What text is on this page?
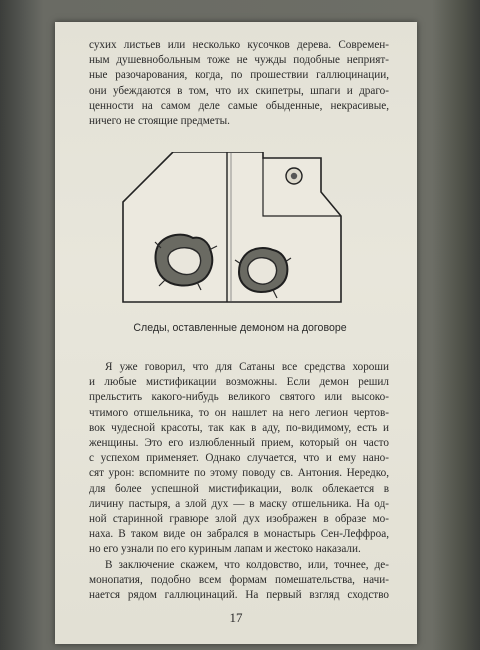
сухих листьев или несколько кусочков дерева. Современ-
ным душевнобольным тоже не чужды подобные неприят-
ные разочарования, когда, по прошествии галлюцинации,
они убеждаются в том, что их скипетры, шпаги и драго-
ценности на самом деле самые обыденные, некрасивые,
ничего не стоящие предметы.
Следы, оставленные демоном на договоре
Я уже говорил, что для Сатаны все средства хороши
и любые мистификации возможны. Если демон решил
прельстить какого-нибудь великого святого или высоко-
чтимого отшельника, то он нашлет на него легион чертов-
вок чудесной красоты, так как в аду, по-видимому, есть и
женщины. Это его излюбленный прием, который он часто
с успехом применяет. Однако случается, что и ему нано-
сят урон: вспомните по этому поводу св. Антония. Нередко,
для более успешной мистификации, волк облекается в
личину пастыря, а злой дух — в маску отшельника. На од-
ной старинной гравюре злой дух изображен в образе мо-
наха. В таком виде он забрался в монастырь Сен-Леффроа,
но его узнали по его куриным лапам и жестоко наказали.
В заключение скажем, что колдовство, или, точнее, де-
монопатия, подобно всем формам помешательства, начи-
нается рядом галлюцинаций. На первый взгляд сходство
17
